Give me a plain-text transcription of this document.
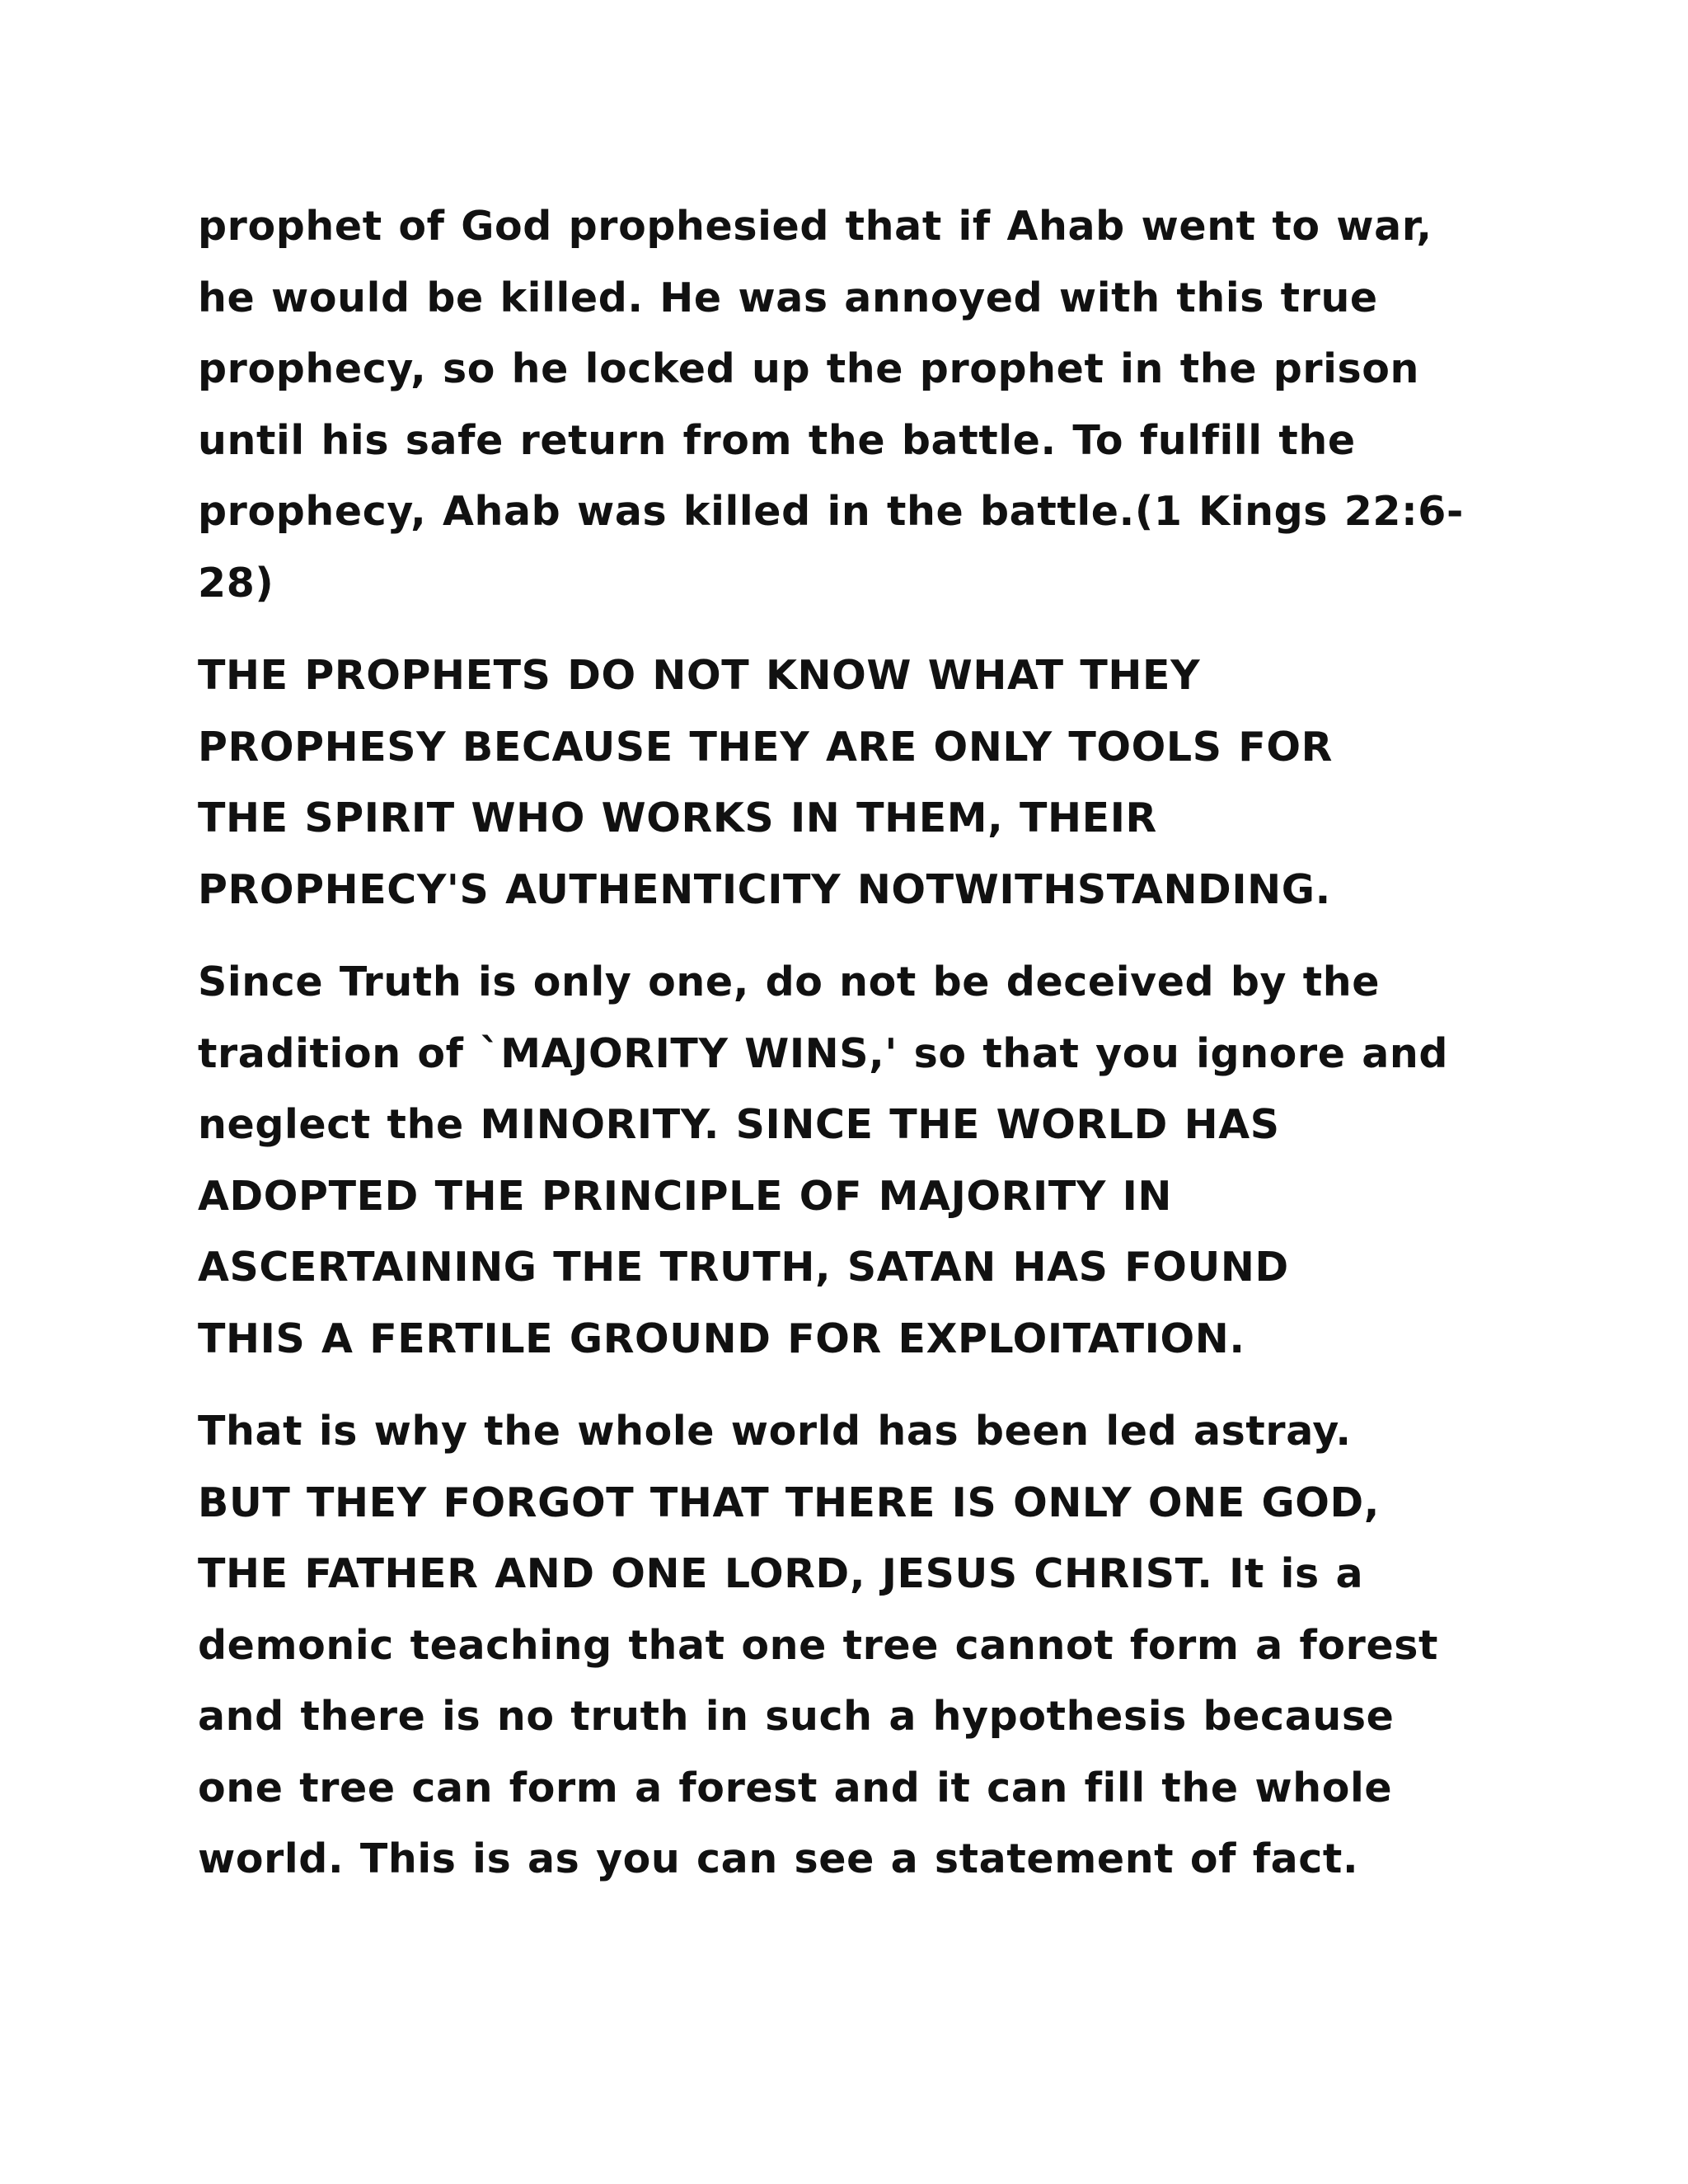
prophet of God prophesied that if Ahab went to war,
he would be killed. He was annoyed with this true
prophecy, so he locked up the prophet in the prison
until his safe return from the battle. To fulfill the
prophecy, Ahab was killed in the battle.(1 Kings 22:6-
28)
THE PROPHETS DO NOT KNOW WHAT THEY
PROPHESY BECAUSE THEY ARE ONLY TOOLS FOR
THE SPIRIT WHO WORKS IN THEM, THEIR
PROPHECY'S AUTHENTICITY NOTWITHSTANDING.
Since Truth is only one, do not be deceived by the
tradition of `MAJORITY WINS,' so that you ignore and
neglect the MINORITY. SINCE THE WORLD HAS
ADOPTED THE PRINCIPLE OF MAJORITY IN
ASCERTAINING THE TRUTH, SATAN HAS FOUND
THIS A FERTILE GROUND FOR EXPLOITATION.
That is why the whole world has been led astray.
BUT THEY FORGOT THAT THERE IS ONLY ONE GOD,
THE FATHER AND ONE LORD, JESUS CHRIST. It is a
demonic teaching that one tree cannot form a forest
and there is no truth in such a hypothesis because
one tree can form a forest and it can fill the whole
world. This is as you can see a statement of fact.
